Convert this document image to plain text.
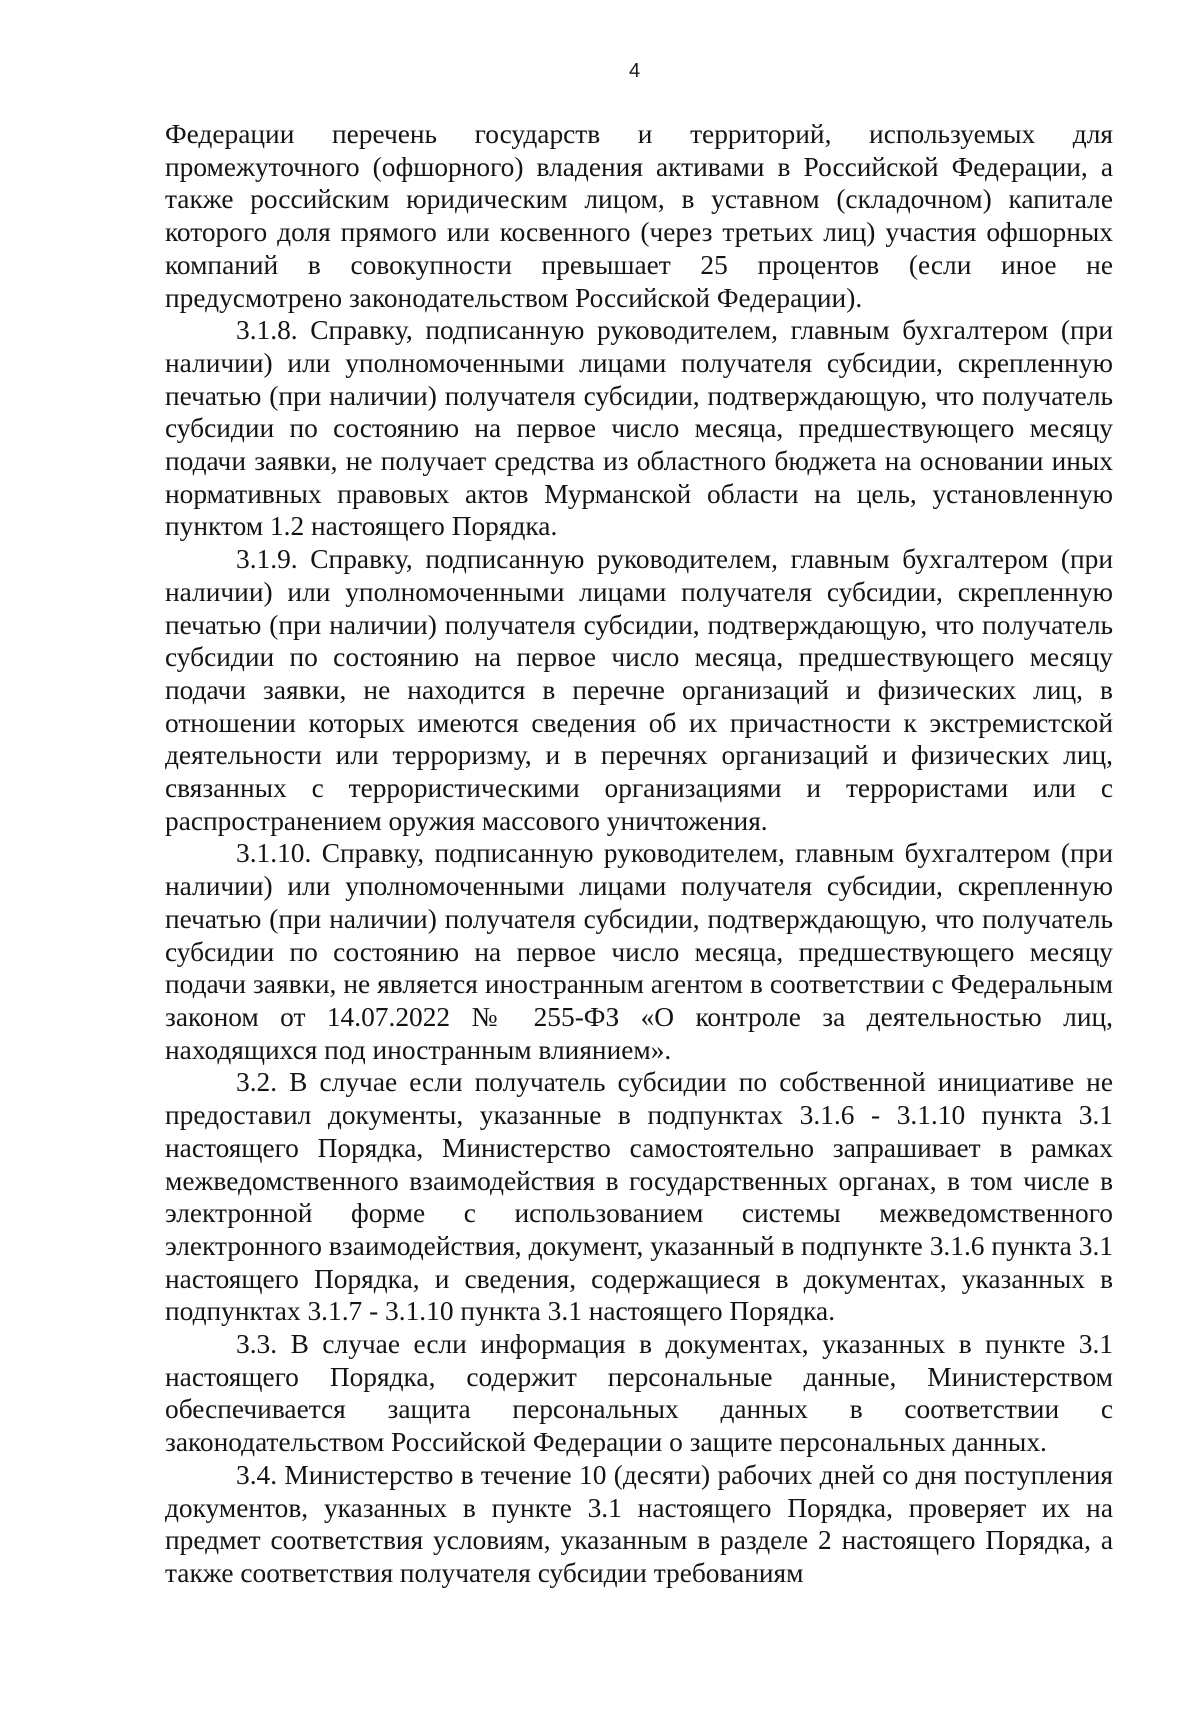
4

Федерации перечень государств и территорий, используемых для промежуточного (офшорного) владения активами в Российской Федерации, а также российским юридическим лицом, в уставном (складочном) капитале которого доля прямого или косвенного (через третьих лиц) участия офшорных компаний в совокупности превышает 25 процентов (если иное не предусмотрено законодательством Российской Федерации).

3.1.8. Справку, подписанную руководителем, главным бухгалтером (при наличии) или уполномоченными лицами получателя субсидии, скрепленную печатью (при наличии) получателя субсидии, подтверждающую, что получатель субсидии по состоянию на первое число месяца, предшествующего месяцу подачи заявки, не получает средства из областного бюджета на основании иных нормативных правовых актов Мурманской области на цель, установленную пунктом 1.2 настоящего Порядка.

3.1.9. Справку, подписанную руководителем, главным бухгалтером (при наличии) или уполномоченными лицами получателя субсидии, скрепленную печатью (при наличии) получателя субсидии, подтверждающую, что получатель субсидии по состоянию на первое число месяца, предшествующего месяцу подачи заявки, не находится в перечне организаций и физических лиц, в отношении которых имеются сведения об их причастности к экстремистской деятельности или терроризму, и в перечнях организаций и физических лиц, связанных с террористическими организациями и террористами или с распространением оружия массового уничтожения.

3.1.10. Справку, подписанную руководителем, главным бухгалтером (при наличии) или уполномоченными лицами получателя субсидии, скрепленную печатью (при наличии) получателя субсидии, подтверждающую, что получатель субсидии по состоянию на первое число месяца, предшествующего месяцу подачи заявки, не является иностранным агентом в соответствии с Федеральным законом от 14.07.2022 № 255-ФЗ «О контроле за деятельностью лиц, находящихся под иностранным влиянием».

3.2. В случае если получатель субсидии по собственной инициативе не предоставил документы, указанные в подпунктах 3.1.6 - 3.1.10 пункта 3.1 настоящего Порядка, Министерство самостоятельно запрашивает в рамках межведомственного взаимодействия в государственных органах, в том числе в электронной форме с использованием системы межведомственного электронного взаимодействия, документ, указанный в подпункте 3.1.6 пункта 3.1 настоящего Порядка, и сведения, содержащиеся в документах, указанных в подпунктах 3.1.7 - 3.1.10 пункта 3.1 настоящего Порядка.

3.3. В случае если информация в документах, указанных в пункте 3.1 настоящего Порядка, содержит персональные данные, Министерством обеспечивается защита персональных данных в соответствии с законодательством Российской Федерации о защите персональных данных.

3.4. Министерство в течение 10 (десяти) рабочих дней со дня поступления документов, указанных в пункте 3.1 настоящего Порядка, проверяет их на предмет соответствия условиям, указанным в разделе 2 настоящего Порядка, а также соответствия получателя субсидии требованиям
